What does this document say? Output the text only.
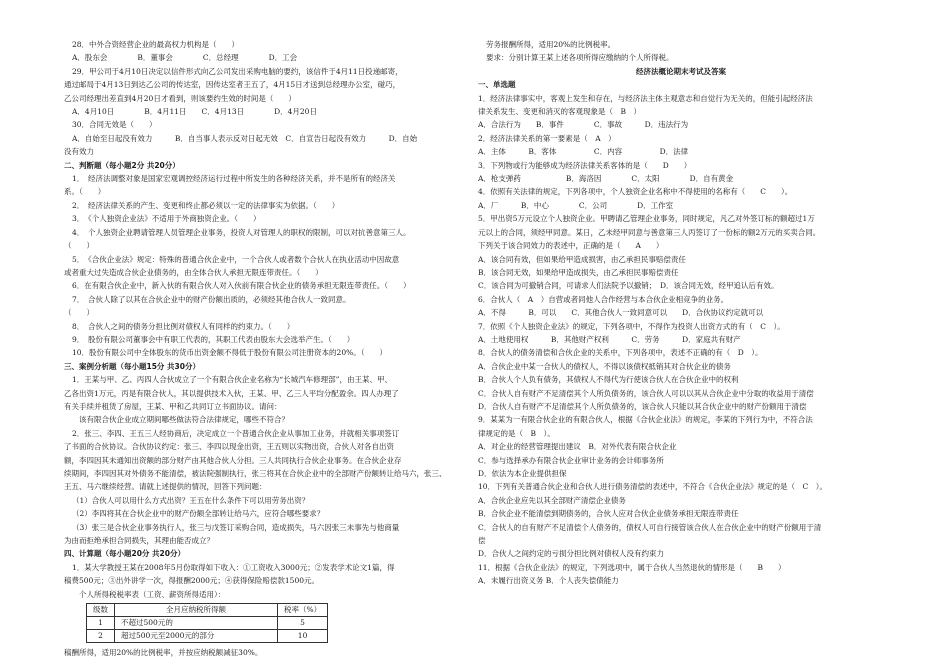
28．中外合资经营企业的最高权力机构是（　　）
A．股东会　　　　B．董事会　　　　C．总经理　　　　D．工会
29．甲公司于4月10日决定以信件形式向乙公司发出采购电脑的要约，该信件于4月11日投递邮寄，
通过邮局于4月13日到达乙公司的传达室，因传达室者王五了，4月15日才送到总经理办公室，碰巧，
乙公司经理出差直到4月20日才看到，则该要约生效的时间是（　　）
A．4月10日　　　　B．4月11日　　C．4月13日　　　　D．4月20日
30．合同无效是（　　）
A．自始至日起没有效力　　　B．自当事人表示反对日起无效　C．自宣告日起没有效力　　　D．自始
没有效力
二、判断题（每小题2分 共20分）
1．　经济法调整对象是国家宏观调控经济运行过程中所发生的各种经济关系，并不是所有的经济关
系。（　　）
2．　经济法律关系的产生、变更和终止都必须以一定的法律事实为依据。（　　）
3．　《个人独资企业法》不适用于外商独资企业。（　　）
4．　个人独资企业聘请管理人员管理企业事务，投资人对管理人的职权的限制，可以对抗善意第三人。
（　　）
5．　《合伙企业法》规定：特殊的普通合伙企业中，一个合伙人或者数个合伙人在执业活动中因故意
或者重大过失造成合伙企业债务的，由全体合伙人承担无限连带责任。（　　）
6．在有限合伙企业中，新入伙的有限合伙人对入伙前有限合伙企业的债务承担无限连带责任。（　　）
7．　合伙人除了以其在合伙企业中的财产份额出质的，必须经其他合伙人一致同意。
（　　）
8．　合伙人之间的债务分担比例对债权人有同样的约束力。（　　）
9．　股份有限公司董事会中有职工代表的，其职工代表由股东大会选举产生。（　　）
10．股份有限公司中全体股东的货币出资金额不得低于股份有限公司注册资本的20%。（　　）
三、案例分析题（每小题15分 共30分）
1．王某与甲、乙、丙四人合伙成立了一个有限合伙企业名称为“长城汽车修理部”，由王某、甲、
乙各出资1万元，丙是有限合伙人，其以提供技术入伙，王某、甲、乙三人平均分配盈余。四人办理了
有关手续并租赁了房屋，王某、甲和乙共同订立书面协议。请问：
　　该有限合伙企业成立期间哪些做法符合法律规定，哪些不符合？
2．张三、李四、王五三人经协商后，决定成立一个普通合伙企业从事加工业务，并就相关事项签订
了书面的合伙协议。合伙协议约定：张三、李四以现金出资，王五则以实物出资，合伙人对各自出资
额，李四因其未通知出资额的部分财产由其他合伙人分担。三人共同执行合伙企业事务。在合伙企业存
续期间，李四因其对外债务不能清偿，被法院强制执行，张三将其在合伙企业中的全部财产份额转让给马六，张三、
王五、马六继续经营。请就上述提供的情况，回答下列问题：
（1）合伙人可以用什么方式出资？王五在什么条件下可以用劳务出资？
（2）李四将其在合伙企业中的财产份额全部转让给马六，应符合哪些要求？
（3）张三是合伙企业事务执行人，张三与戊签订采购合同，造成损失，马六因张三未事先与他商量
为由而拒绝承担合同损失，其理由能否成立？
四、计算题（每小题20分 共20分）
1．某大学教授王某在2008年5月份取得如下收入：①工资收入3000元；②发表学术论文1篇，得
稿费500元；③出外讲学一次，得报酬2000元；④获得保险赔偿款1500元。
　　个人所得税税率表（工资、薪资所得适用）：
级数	全月应纳税所得额	税率（%）
1	不超过500元的	5
2	超过500元至2000元的部分	10
稿酬所得，适用20%的比例税率，并按应纳税额减征30%。
劳务报酬所得，适用20%的比例税率。
要求：分别计算王某上述各项所得应缴纳的个人所得税。
经济法概论期末考试及答案
一、单选题
1．经济法律事实中，客观上发生和存在，与经济法主体主观意志和自觉行为无关的，但能引起经济法
律关系发生、变更和消灭的客观现象是（　B　）
A．合法行为　　B．事件　　　　C．事故　　　D．违法行为
2．经济法律关系的第一要素是（　A　）
A．主体　　　B．客体　　　　　C．内容　　　　　D．法律
3．下列物或行为能够成为经济法律关系客体的是（　　D　　）
A．枪支弹药　　　　　　B．海洛因　　　　C．太阳　　　　D．自有黄金
4．依照有关法律的规定，下列各项中，个人独资企业名称中不得使用的名称有（　　C　　）。
A．厂　　　B．中心　　　　C．公司　　　　D．工作室
5．甲出资5万元设立个人独资企业。甲聘请乙管理企业事务，同时规定，凡乙对外签订标的额超过1万
元以上的合同，须经甲同意。某日，乙未经甲同意与善意第三人丙签订了一份标的额2万元的买卖合同。
下列关于该合同效力的表述中，正确的是（　　A　　）
A．该合同有效，但如果给甲造成损害，由乙承担民事赔偿责任
B．该合同无效，如果给甲造成损失，由乙承担民事赔偿责任
C．该合同为可撤销合同，可请求人们法院予以撤销；　D．该合同无效，经甲追认后有效。
6．合伙人（　A　）自营或者同他人合作经营与本合伙企业相竞争的业务。
A．不得　　　B．可以　　C．其他合伙人一致同意可以　　D．合伙协议约定就可以
7．依照《个人独资企业法》的规定，下列各项中，不得作为投资人出资方式的有（　C　）。
A．土地使用权　　　B．其他财产权利　　　C．劳务　　　D．家庭共有财产
8．合伙人的债务清偿和合伙企业的关系中，下列各项中，表述不正确的有（　D　）。
A．合伙企业中某一合伙人的债权人，不得以该债权抵销其对合伙企业的债务
B．合伙人个人负有债务，其债权人不得代为行使该合伙人在合伙企业中的权利
C．合伙人自有财产不足清偿其个人所负债务的，该合伙人可以以其从合伙企业中分取的收益用于清偿
D．合伙人自有财产不足清偿其个人所负债务的，该合伙人只能以其合伙企业中的财产份额用于清偿
9．某某为一有限合伙企业的有限合伙人，根据《合伙企业法》的规定，李某的下列行为中，不符合法
律规定的是（　B　）。
A．对企业的经营管理提出建议　B．对外代表有限合伙企业
C．参与选择承办有限合伙企业审计业务的会计师事务所
D．依法为本企业提供担保
10．下列有关普通合伙企业和合伙人进行债务清偿的表述中，不符合《合伙企业法》规定的是（　C　）。
A．合伙企业应先以其全部财产清偿企业债务
B．合伙企业不能清偿到期债务的，合伙人应对合伙企业债务承担无限连带责任
C．合伙人的自有财产不足清偿个人债务的，债权人可自行接管该合伙人在合伙企业中的财产份额用于清
偿
D．合伙人之间约定的亏损分担比例对债权人没有约束力
11．根据《合伙企业法》的规定，下列选项中，属于合伙人当然退伙的情形是（　　B　　）
A．未履行出资义务 B．个人丧失偿债能力
